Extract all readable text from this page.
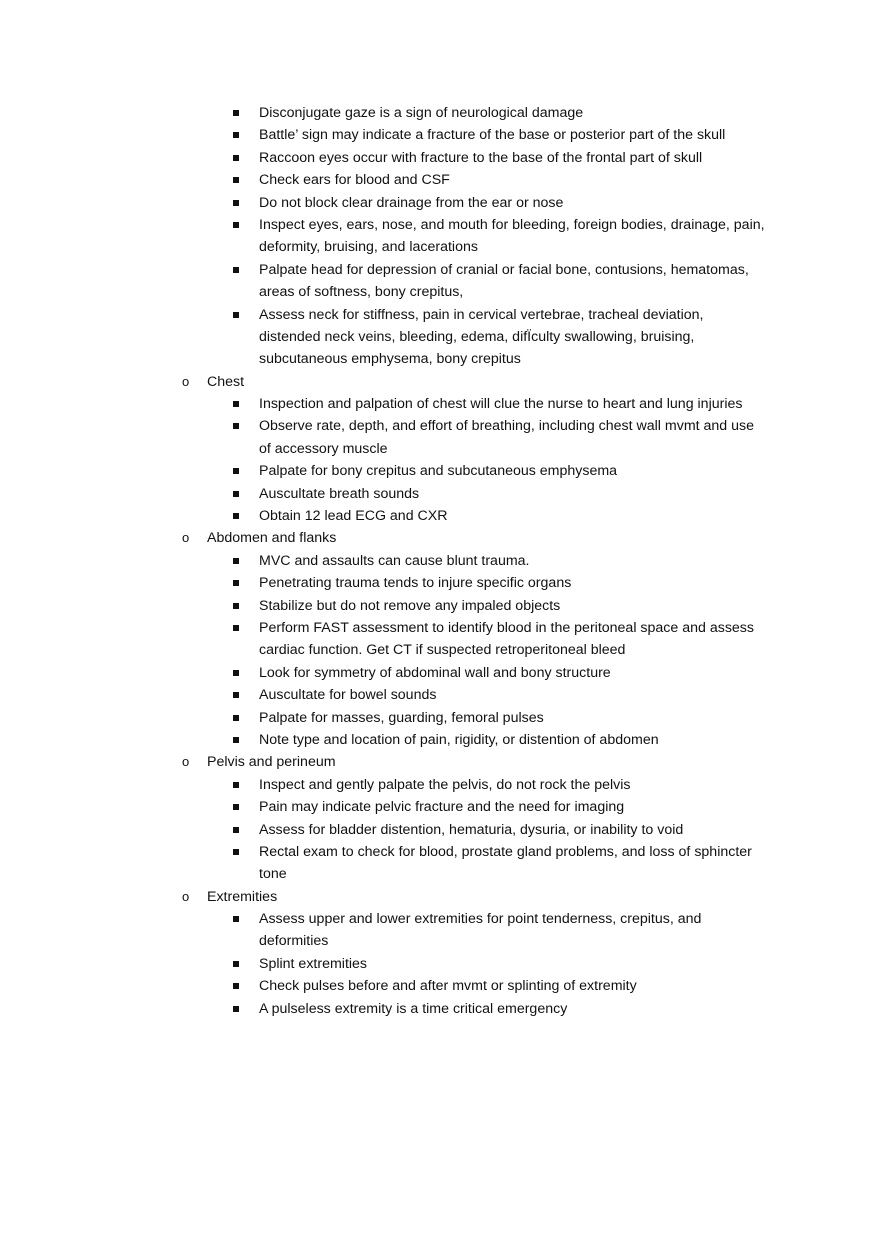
Disconjugate gaze is a sign of neurological damage
Battle’ sign may indicate a fracture of the base or posterior part of the skull
Raccoon eyes occur with fracture to the base of the frontal part of skull
Check ears for blood and CSF
Do not block clear drainage from the ear or nose
Inspect eyes, ears, nose, and mouth for bleeding, foreign bodies, drainage, pain,
deformity, bruising, and lacerations
Palpate head for depression of cranial or facial bone, contusions, hematomas,
areas of softness, bony crepitus,
Assess neck for stiffness, pain in cervical vertebrae, tracheal deviation,
distended neck veins, bleeding, edema, difÏculty swallowing, bruising,
subcutaneous emphysema, bony crepitus
o Chest
Inspection and palpation of chest will clue the nurse to heart and lung injuries
Observe rate, depth, and effort of breathing, including chest wall mvmt and use
of accessory muscle
Palpate for bony crepitus and subcutaneous emphysema
Auscultate breath sounds
Obtain 12 lead ECG and CXR
o Abdomen and flanks
MVC and assaults can cause blunt trauma.
Penetrating trauma tends to injure specific organs
Stabilize but do not remove any impaled objects
Perform FAST assessment to identify blood in the peritoneal space and assess
cardiac function. Get CT if suspected retroperitoneal bleed
Look for symmetry of abdominal wall and bony structure
Auscultate for bowel sounds
Palpate for masses, guarding, femoral pulses
Note type and location of pain, rigidity, or distention of abdomen
o Pelvis and perineum
Inspect and gently palpate the pelvis, do not rock the pelvis
Pain may indicate pelvic fracture and the need for imaging
Assess for bladder distention, hematuria, dysuria, or inability to void
Rectal exam to check for blood, prostate gland problems, and loss of sphincter
tone
o Extremities
Assess upper and lower extremities for point tenderness, crepitus, and
deformities
Splint extremities
Check pulses before and after mvmt or splinting of extremity
A pulseless extremity is a time critical emergency
